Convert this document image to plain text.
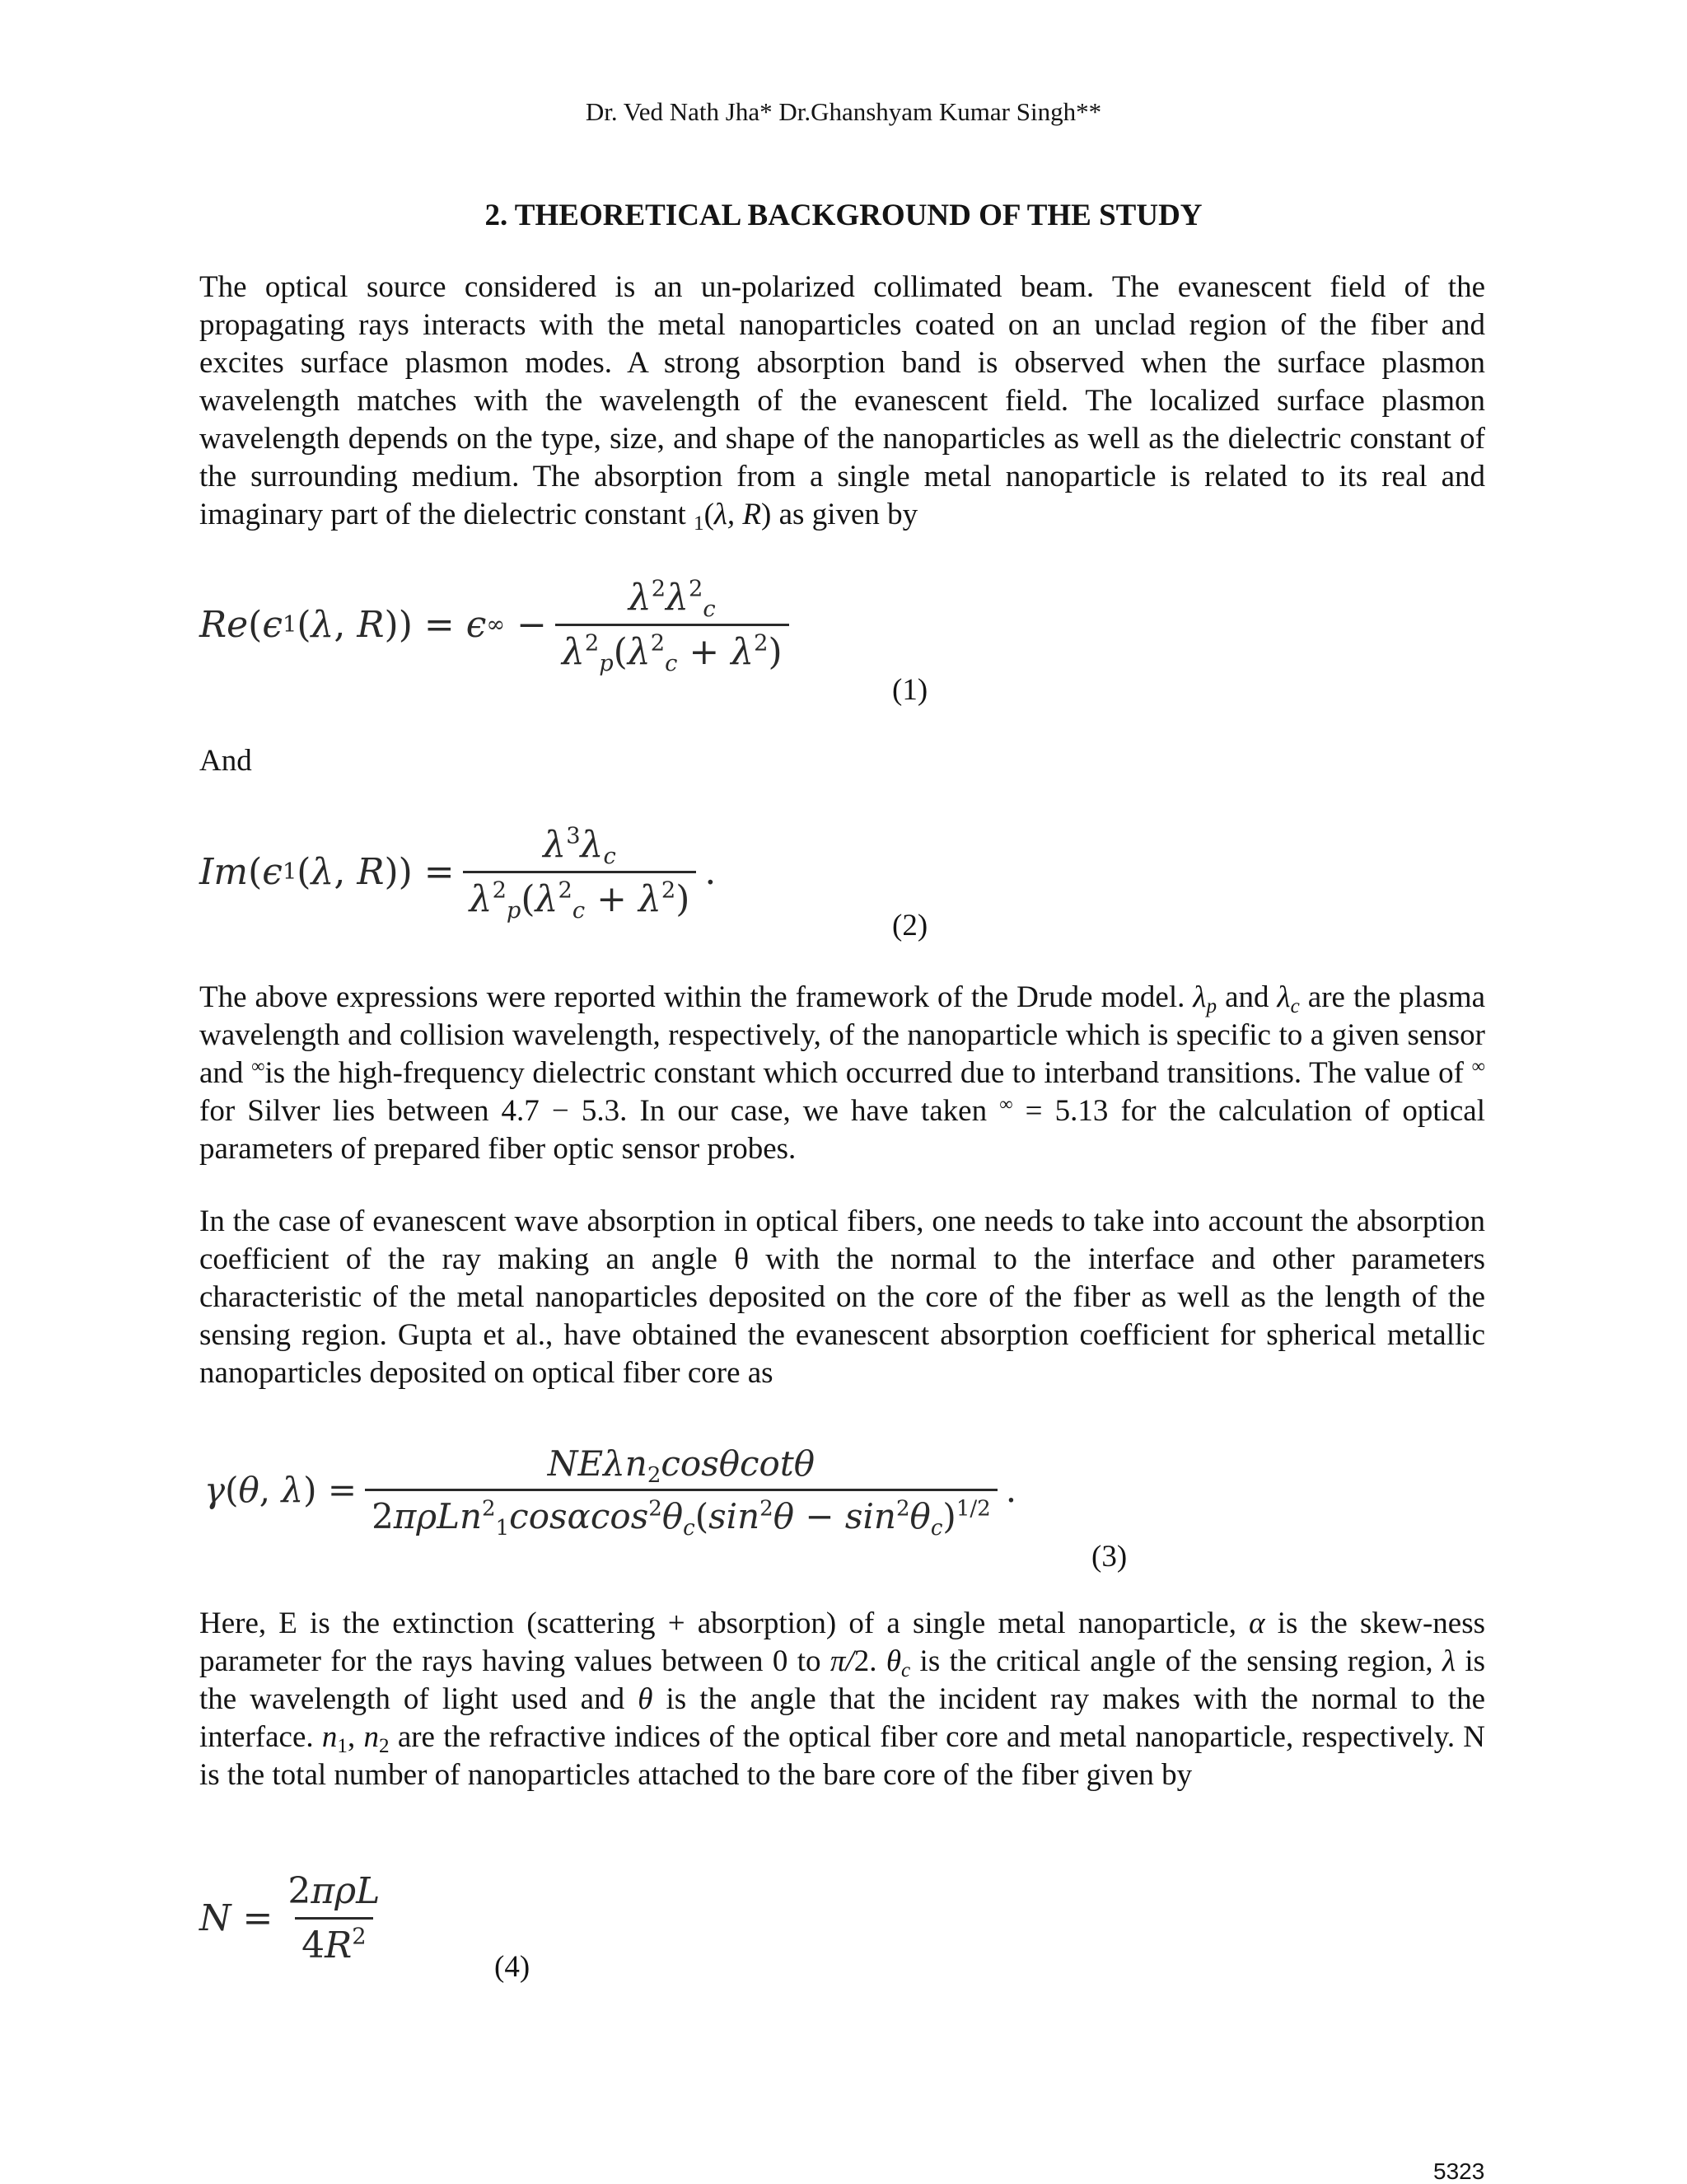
Dr. Ved Nath Jha* Dr.Ghanshyam Kumar Singh**
2. THEORETICAL BACKGROUND OF THE STUDY

The optical source considered is an un-polarized collimated beam. The evanescent field of the propagating rays interacts with the metal nanoparticles coated on an unclad region of the fiber and excites surface plasmon modes. A strong absorption band is observed when the surface plasmon wavelength matches with the wavelength of the evanescent field. The localized surface plasmon wavelength depends on the type, size, and shape of the nanoparticles as well as the dielectric constant of the surrounding medium. The absorption from a single metal nanoparticle is related to its real and imaginary part of the dielectric constant $_1$(λ, R) as given by

Re ( ϵ 1 ( λ , R )) = ϵ ∞ − $\frac{\lambda^2\lambda^2c}{\lambda^2p(\lambda^2c + \lambda^2)}$
(1)
And
Im ( ϵ 1 ( λ , R )) = $\frac{\lambda^3\lambda c}{\lambda^2p(\lambda^2c + \lambda^2)}$ .
(2)

The above expressions were reported within the framework of the Drude model. $\lambda_p$ and $\lambda_c$ are the plasma wavelength and collision wavelength, respectively, of the nanoparticle which is specific to a given sensor and ∞is the high-frequency dielectric constant which occurred due to interband transitions. The value of ∞ for Silver lies between 4.7 − 5.3. In our case, we have taken ∞ = 5.13 for the calculation of optical parameters of prepared fiber optic sensor probes.

In the case of evanescent wave absorption in optical fibers, one needs to take into account the absorption coefficient of the ray making an angle θ with the normal to the interface and other parameters characteristic of the metal nanoparticles deposited on the core of the fiber as well as the length of the sensing region. Gupta et al., have obtained the evanescent absorption coefficient for spherical metallic nanoparticles deposited on optical fiber core as

γ ( θ , λ ) = $\frac{\text{NEλn2cosθcotθ}}{2\pi\rho Ln^21\cos\alpha\cos^2\theta c(\sin^2\theta - \sin^2\theta c)^{1/2}}$ .
(3)

Here, E is the extinction (scattering + absorption) of a single metal nanoparticle, α is the skew-ness parameter for the rays having values between 0 to π/2. $\theta_c$ is the critical angle of the sensing region, λ is the wavelength of light used and θ is the angle that the incident ray makes with the normal to the interface. $n_1$, $n_2$ are the refractive indices of the optical fiber core and metal nanoparticle, respectively. N is the total number of nanoparticles attached to the bare core of the fiber given by

$N = \frac{\text{2πρL}}{4R^2}$
(4)
5323
